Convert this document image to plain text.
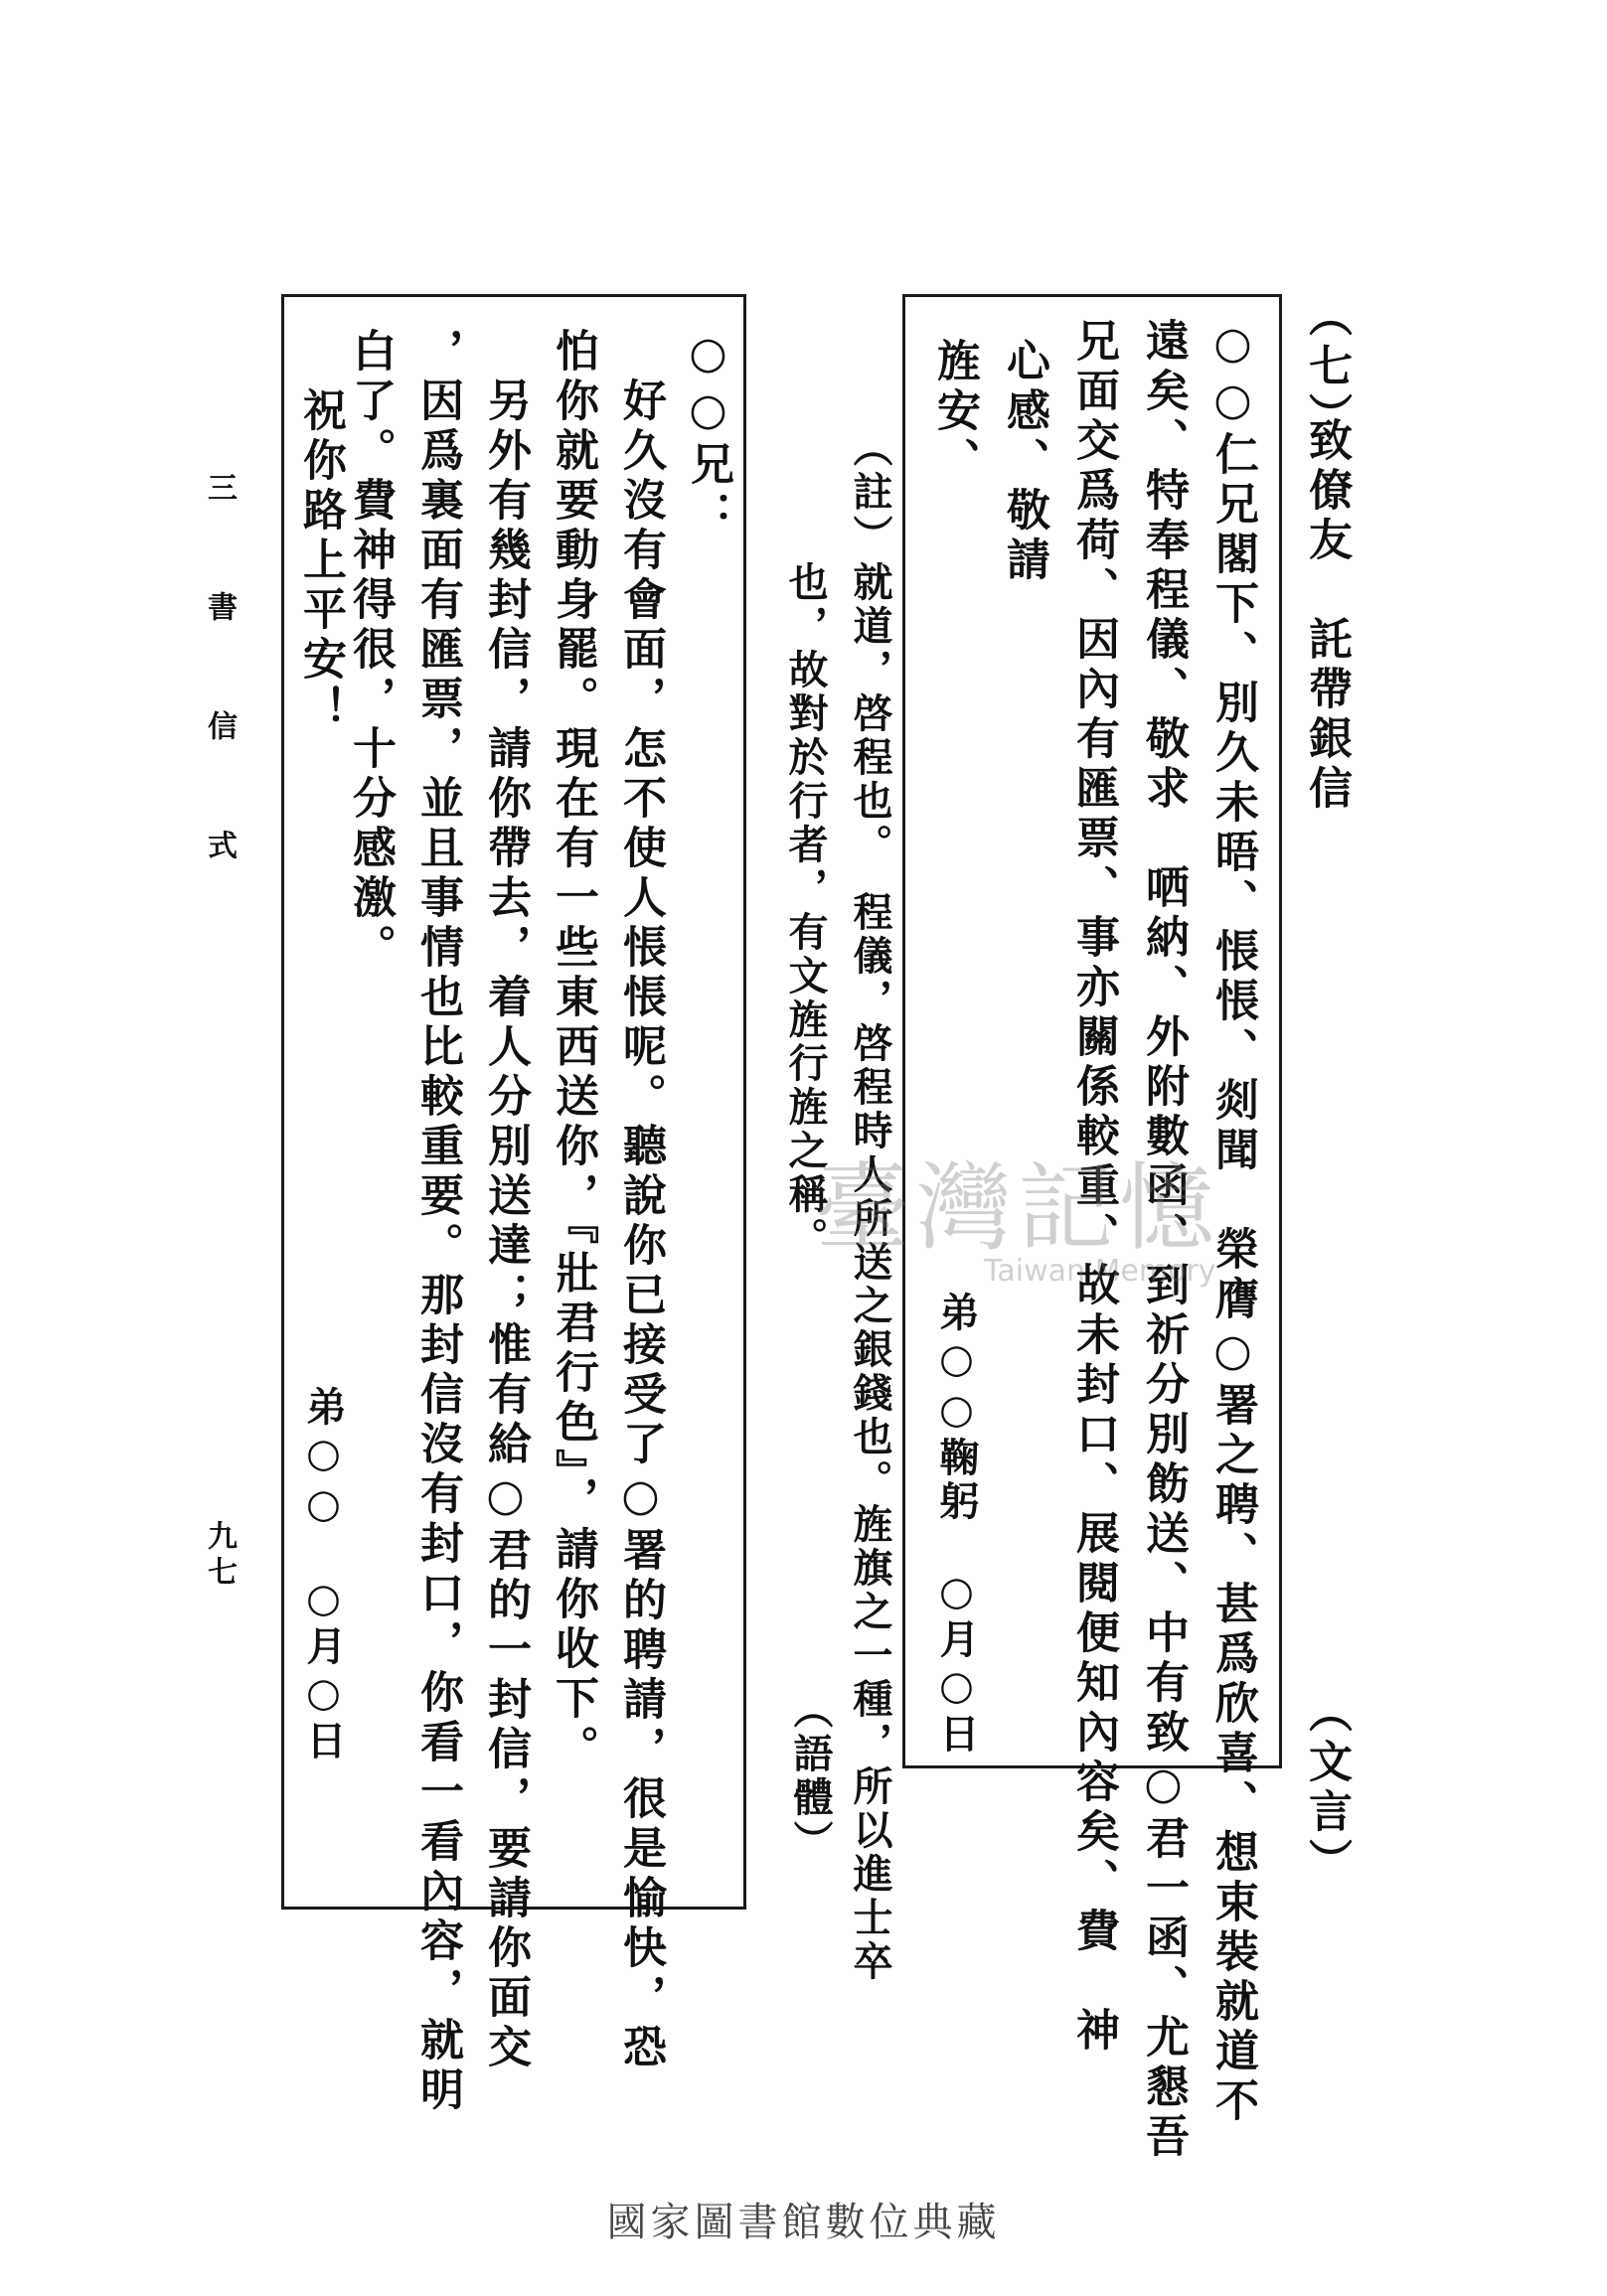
（七）
致僚友　託帶銀信
（文言）
○○仁兄閣下、別久未晤、悵悵、剡聞　榮膺○署之聘、甚爲欣喜、想束裝就道不
遠矣、特奉程儀、敬求　哂納、外附數函、到祈分別飭送、中有致○君一函、尤懇吾
兄面交爲荷、因內有匯票、事亦關係較重、故未封口、展閱便知內容矣、費　神
心感、敬請
旌安、
弟○○鞠躬　○月○日
（註）
就道，啓程也。　程儀，啓程時人所送之銀錢也。旌旗之一種，所以進士卒
也，故對於行者，有文旌行旌之稱。
（語體）
○○兄：
　好久沒有會面，怎不使人悵悵呢。聽說你已接受了○署的聘請，很是愉快，恐
怕你就要動身罷。現在有一些東西送你，『壯君行色』，請你收下。
　另外有幾封信，請你帶去，着人分別送達；惟有給○君的一封信，要請你面交
，因爲裏面有匯票，並且事情也比較重要。那封信沒有封口，你看一看內容，就明
白了。費神得很，十分感激。
祝你路上平安！
弟○○　○月○日
三　書　信　式
九七
臺灣記憶
Taiwan Memory
國家圖書館數位典藏
